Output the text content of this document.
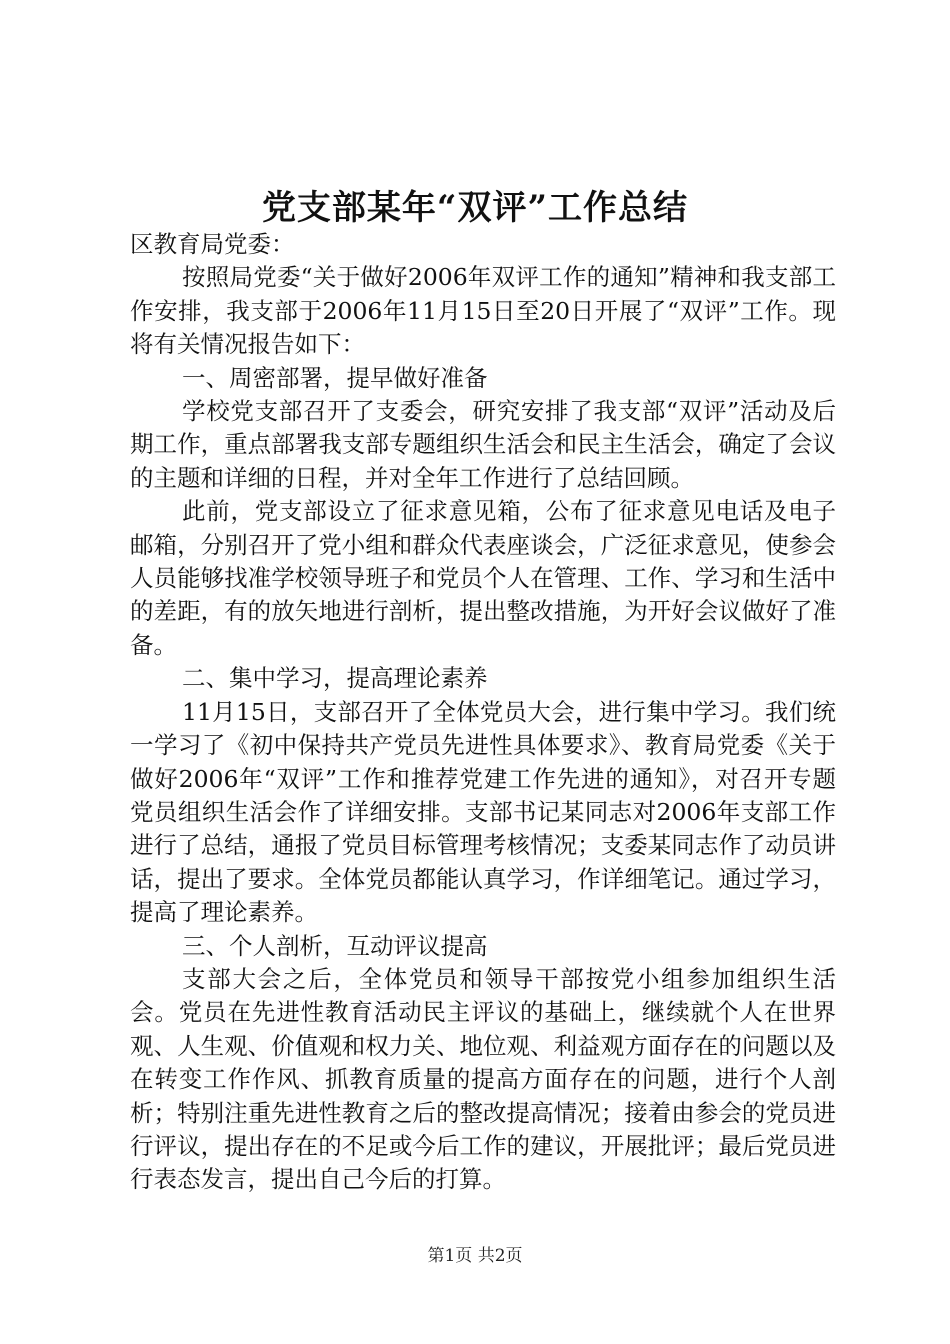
党支部某年“双评”工作总结

区教育局党委：

按照局党委“关于做好2006年双评工作的通知”精神和我支部工作安排，我支部于2006年11月15日至20日开展了“双评”工作。现将有关情况报告如下：

一、周密部署，提早做好准备

学校党支部召开了支委会，研究安排了我支部“双评”活动及后期工作，重点部署我支部专题组织生活会和民主生活会，确定了会议的主题和详细的日程，并对全年工作进行了总结回顾。

此前，党支部设立了征求意见箱，公布了征求意见电话及电子邮箱，分别召开了党小组和群众代表座谈会，广泛征求意见，使参会人员能够找准学校领导班子和党员个人在管理、工作、学习和生活中的差距，有的放矢地进行剖析，提出整改措施，为开好会议做好了准备。

二、集中学习，提高理论素养

11月15日，支部召开了全体党员大会，进行集中学习。我们统一学习了《初中保持共产党员先进性具体要求》、教育局党委《关于做好2006年“双评”工作和推荐党建工作先进的通知》，对召开专题党员组织生活会作了详细安排。支部书记某同志对2006年支部工作进行了总结，通报了党员目标管理考核情况；支委某同志作了动员讲话，提出了要求。全体党员都能认真学习，作详细笔记。通过学习，提高了理论素养。

三、个人剖析，互动评议提高

支部大会之后，全体党员和领导干部按党小组参加组织生活会。党员在先进性教育活动民主评议的基础上，继续就个人在世界观、人生观、价值观和权力关、地位观、利益观方面存在的问题以及在转变工作作风、抓教育质量的提高方面存在的问题，进行个人剖析；特别注重先进性教育之后的整改提高情况；接着由参会的党员进行评议，提出存在的不足或今后工作的建议，开展批评；最后党员进行表态发言，提出自己今后的打算。

第1页 共2页
